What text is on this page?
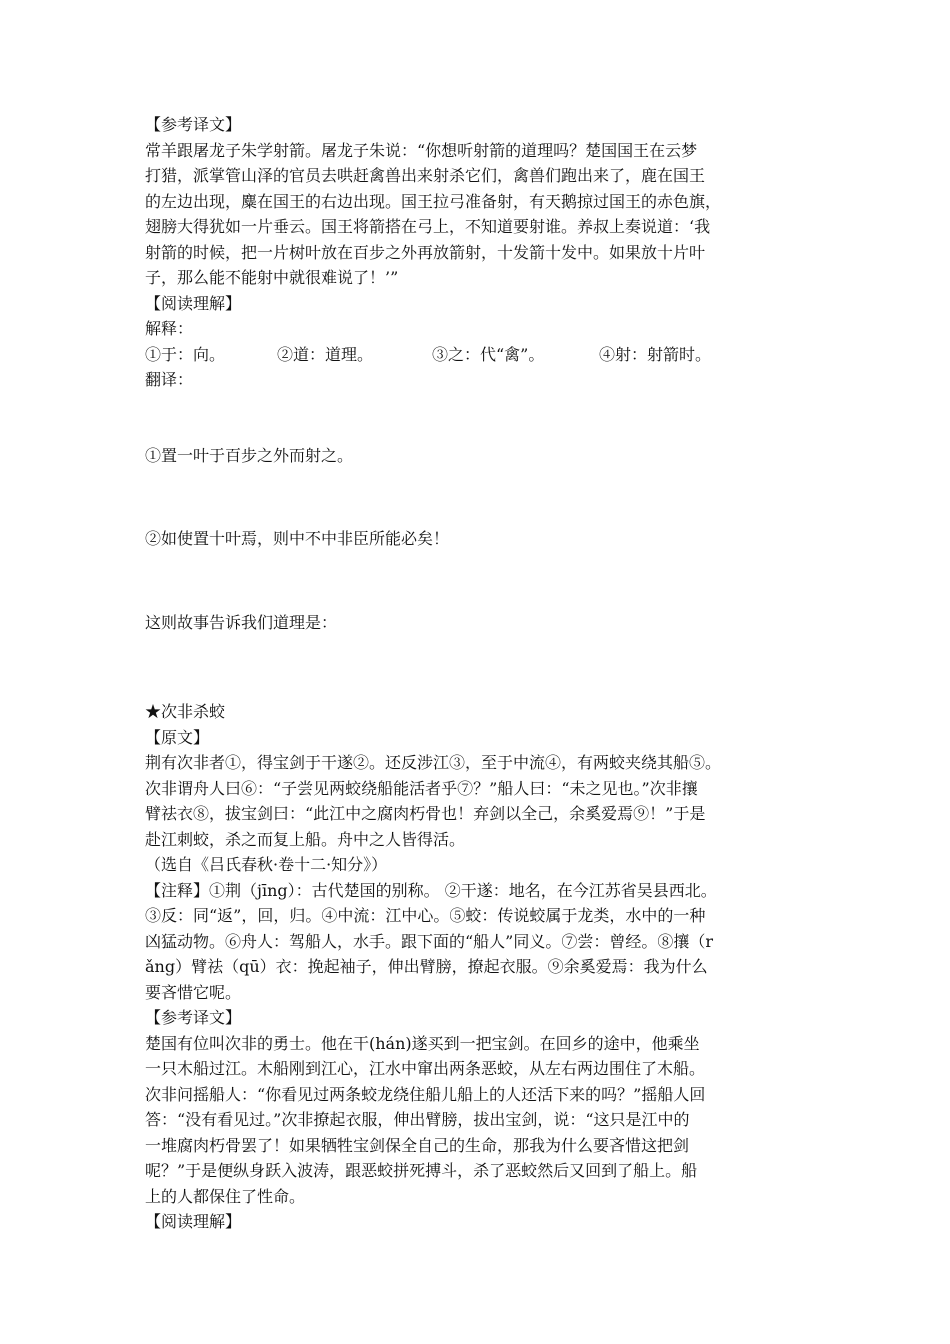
【参考译文】
常羊跟屠龙子朱学射箭。屠龙子朱说：“你想听射箭的道理吗？楚国国王在云梦
打猎，派掌管山泽的官员去哄赶禽兽出来射杀它们，禽兽们跑出来了，鹿在国王
的左边出现，麋在国王的右边出现。国王拉弓准备射，有天鹅掠过国王的赤色旗，
翅膀大得犹如一片垂云。国王将箭搭在弓上，不知道要射谁。养叔上奏说道：‘我
射箭的时候，把一片树叶放在百步之外再放箭射，十发箭十发中。如果放十片叶
子，那么能不能射中就很难说了！’”
【阅读理解】
解释：
①于：向。	②道：道理。	③之：代“禽”。	④射：射箭时。
翻译：
①置一叶于百步之外而射之。
②如使置十叶焉，则中不中非臣所能必矣！
这则故事告诉我们道理是：
★次非杀蛟
【原文】
荆有次非者①，得宝剑于干遂②。还反涉江③，至于中流④，有两蛟夹绕其船⑤。
次非谓舟人曰⑥：“子尝见两蛟绕船能活者乎⑦？”船人曰：“未之见也。”次非攘
臂祛衣⑧，拔宝剑曰：“此江中之腐肉朽骨也！弃剑以全己，余奚爱焉⑨！”于是
赴江刺蛟，杀之而复上船。舟中之人皆得活。
（选自《吕氏春秋·卷十二·知分》）
【注释】①荆（jīng）：古代楚国的别称。 ②干遂：地名，在今江苏省吴县西北。
③反：同“返”，回，归。④中流：江中心。⑤蛟：传说蛟属于龙类，水中的一种
凶猛动物。⑥舟人：驾船人，水手。跟下面的“船人”同义。⑦尝：曾经。⑧攘（r
ǎng）臂祛（qū）衣：挽起袖子，伸出臂膀，撩起衣服。⑨余奚爱焉：我为什么
要吝惜它呢。
【参考译文】
楚国有位叫次非的勇士。他在干(hán)遂买到一把宝剑。在回乡的途中，他乘坐
一只木船过江。木船刚到江心，江水中窜出两条恶蛟，从左右两边围住了木船。
次非问摇船人：“你看见过两条蛟龙绕住船儿船上的人还活下来的吗？”摇船人回
答：“没有看见过。”次非撩起衣服，伸出臂膀，拔出宝剑，说：“这只是江中的
一堆腐肉朽骨罢了！如果牺牲宝剑保全自己的生命，那我为什么要吝惜这把剑
呢？”于是便纵身跃入波涛，跟恶蛟拼死搏斗，杀了恶蛟然后又回到了船上。船
上的人都保住了性命。
【阅读理解】
